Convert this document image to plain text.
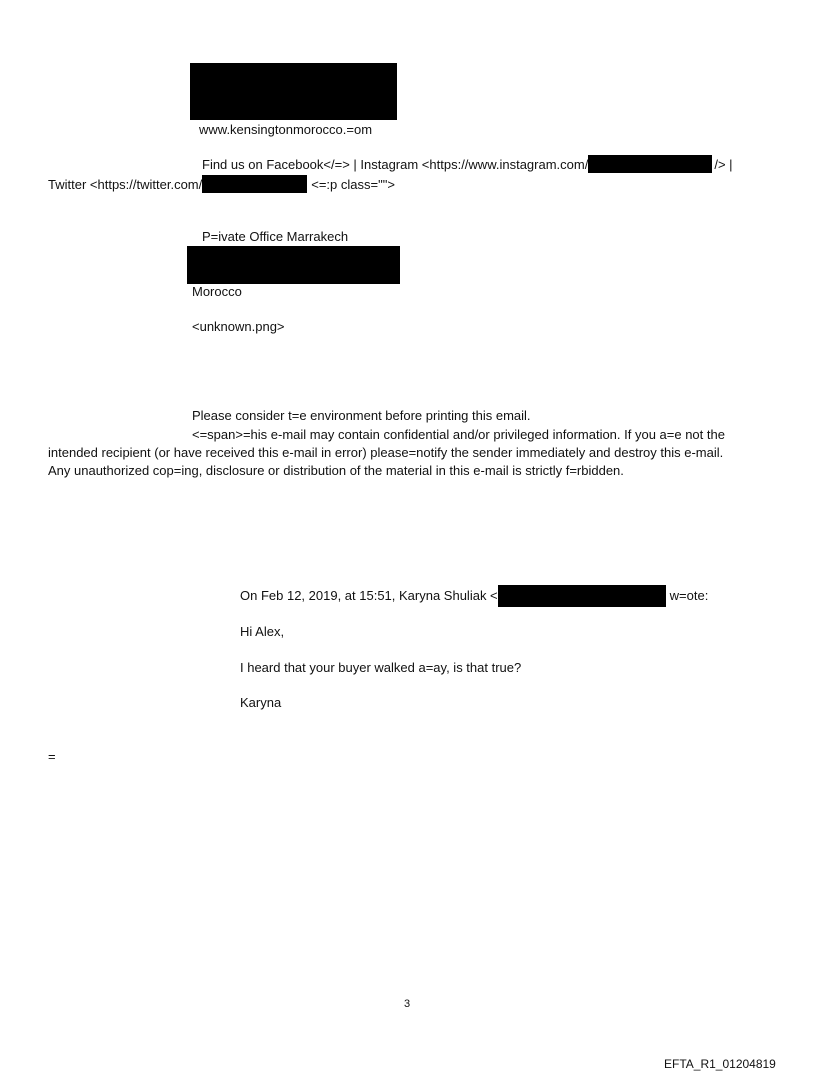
www.kensingtonmorocco.=om
Find us on Facebook</=> | Instagram <https://www.instagram.com/	/> |
Twitter <https://twitter.com/	<=:p class="">
P=ivate Office Marrakech
Morocco
<unknown.png>
Please consider t=e environment before printing this email.
<=span>=his e-mail may contain confidential and/or privileged information. If you a=e not the
intended recipient (or have received this e-mail in error) please=notify the sender immediately and destroy this e-mail.
Any unauthorized cop=ing, disclosure or distribution of the material in this e-mail is strictly f=rbidden.
On Feb 12, 2019, at 15:51, Karyna Shuliak <	w=ote:
Hi Alex,
I heard that your buyer walked a=ay, is that true?
Karyna
=
3
EFTA_R1_01204819
